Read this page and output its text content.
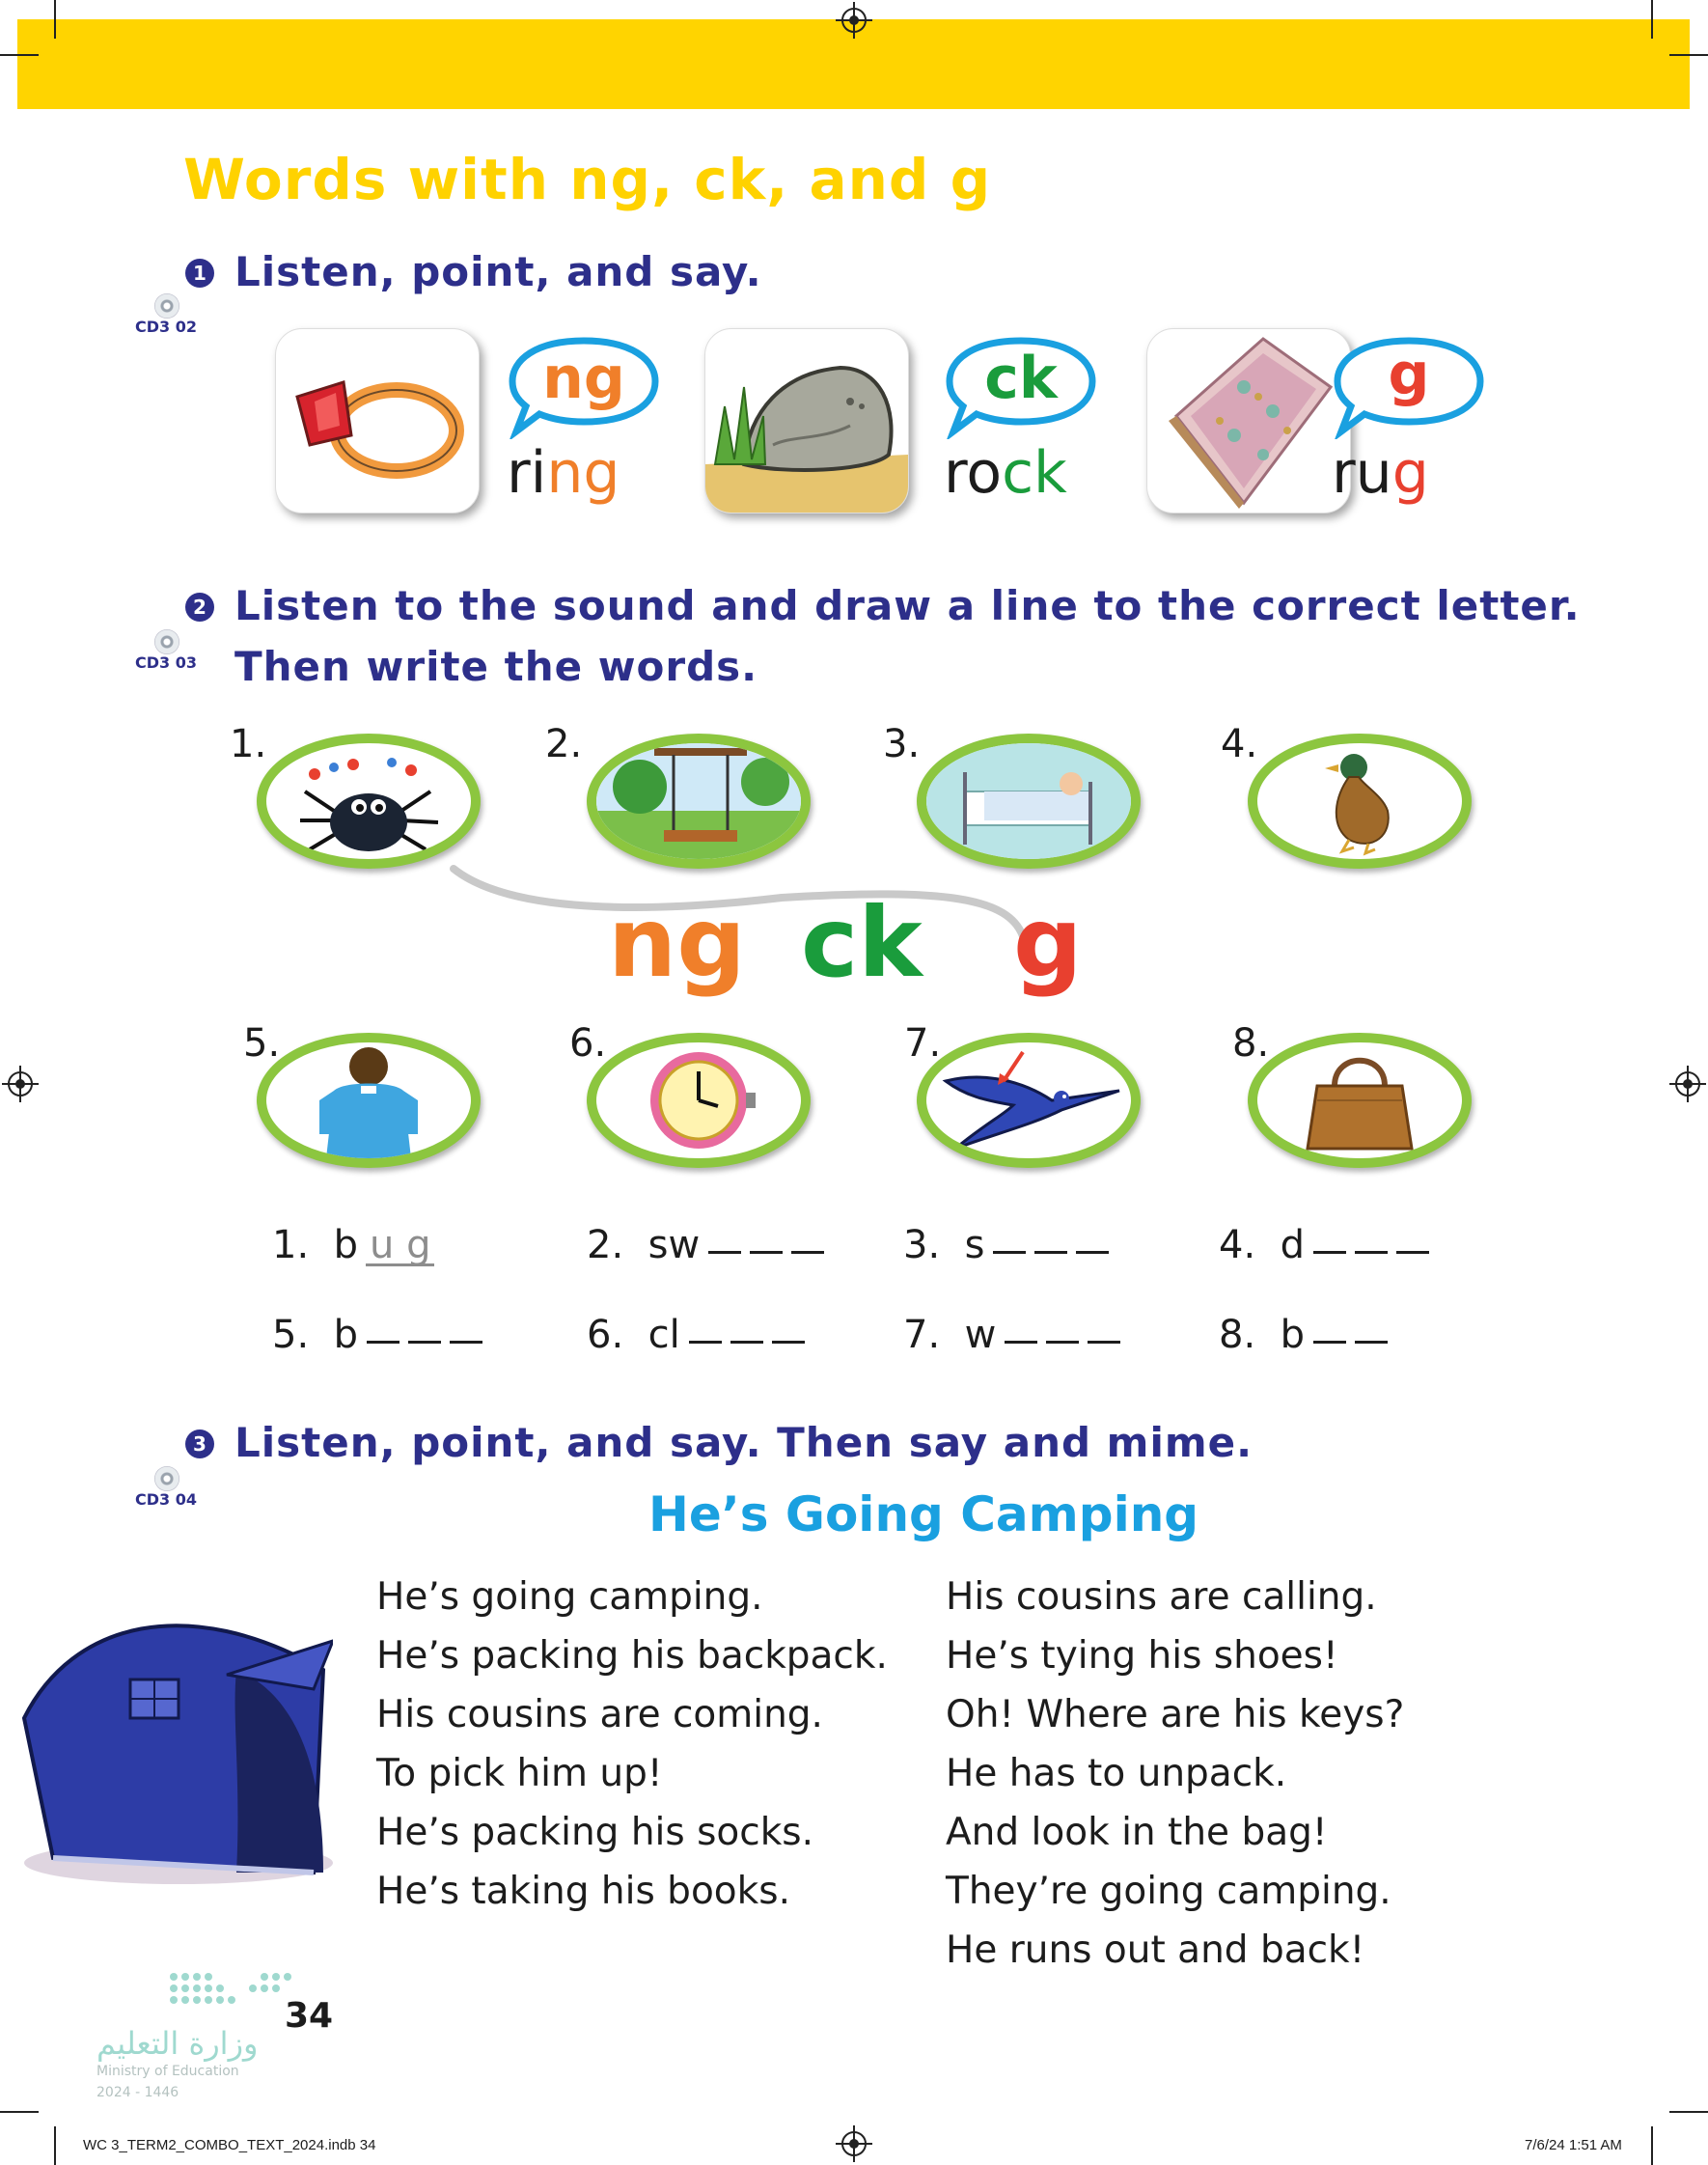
Words with ng, ck, and g
1 Listen, point, and say.
CD3 02
ng
ring
ck
rock
g
rug
2 Listen to the sound and draw a line to the correct letter.
Then write the words.
CD3 03
1.	2.	3.	4.
ng ck g
5.	6.	7.	8.
1. b u g	2. sw	3. s	4. d
5. b	6. cl	7. w	8. b
3 Listen, point, and say. Then say and mime.
CD3 04	He’s Going Camping
He’s going camping.
He’s packing his backpack.
His cousins are coming.
To pick him up!
He’s packing his socks.
He’s taking his books.
His cousins are calling.
He’s tying his shoes!
Oh! Where are his keys?
He has to unpack.
And look in the bag!
They’re going camping.
He runs out and back!
34
وزارة التعليم
Ministry of Education
2024 - 1446
WC 3_TERM2_COMBO_TEXT_2024.indb 34	7/6/24 1:51 AM
